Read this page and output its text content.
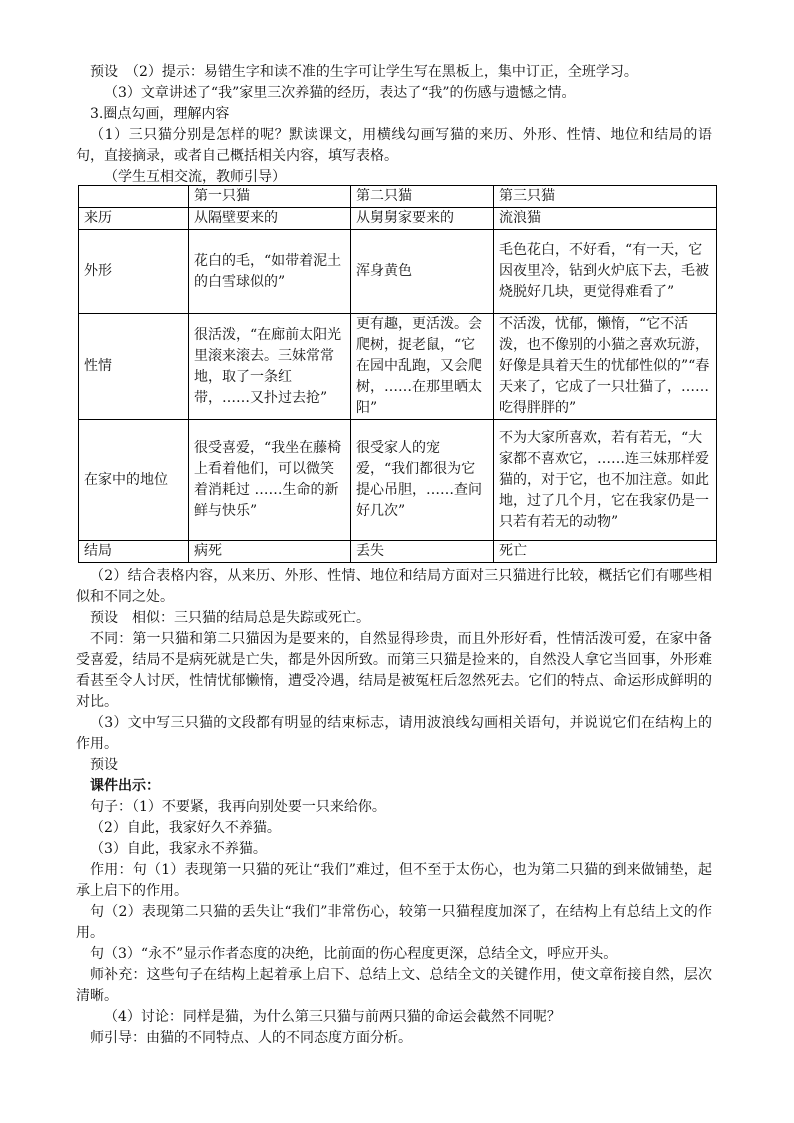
预设　（2）提示：易错生字和读不准的生字可让学生写在黑板上，集中订正，全班学习。
（3）文章讲述了“我”家里三次养猫的经历，表达了“我”的伤感与遗憾之情。
3.圈点勾画，理解内容
（1）三只猫分别是怎样的呢？默读课文，用横线勾画写猫的来历、外形、性情、地位和结局的语句，直接摘录，或者自己概括相关内容，填写表格。
（学生互相交流，教师引导）
	第一只猫	第二只猫	第三只猫
来历	从隔壁要来的	从舅舅家要来的	流浪猫
外形	花白的毛，“如带着泥土的白雪球似的”	浑身黄色	毛色花白，不好看，“有一天，它因夜里冷，钻到火炉底下去，毛被烧脱好几块，更觉得难看了”
性情	很活泼，“在廊前太阳光里滚来滚去。三妹常常地，取了一条红带，……又扑过去抢”	更有趣，更活泼。会爬树，捉老鼠，“它在园中乱跑，又会爬树，……在那里晒太阳”	不活泼，忧郁，懒惰，“它不活泼，也不像别的小猫之喜欢玩游，好像是具着天生的忧郁性似的”“春天来了，它成了一只壮猫了，……吃得胖胖的”
在家中的地位	很受喜爱，“我坐在藤椅上看着他们，可以微笑着消耗过 ……生命的新鲜与快乐”	很受家人的宠爱，“我们都很为它提心吊胆，……查问好几次”	不为大家所喜欢，若有若无，“大家都不喜欢它，……连三妹那样爱猫的，对于它，也不加注意。如此地，过了几个月，它在我家仍是一只若有若无的动物”
结局	病死	丢失	死亡
（2）结合表格内容，从来历、外形、性情、地位和结局方面对三只猫进行比较，概括它们有哪些相似和不同之处。
预设　相似：三只猫的结局总是失踪或死亡。
不同：第一只猫和第二只猫因为是要来的，自然显得珍贵，而且外形好看，性情活泼可爱，在家中备受喜爱，结局不是病死就是亡失，都是外因所致。而第三只猫是捡来的，自然没人拿它当回事，外形难看甚至令人讨厌，性情忧郁懒惰，遭受冷遇，结局是被冤枉后忽然死去。它们的特点、命运形成鲜明的对比。
（3）文中写三只猫的文段都有明显的结束标志，请用波浪线勾画相关语句，并说说它们在结构上的作用。
预设
课件出示：
句子：（1）不要紧，我再向别处要一只来给你。
（2）自此，我家好久不养猫。
（3）自此，我家永不养猫。
作用：句（1）表现第一只猫的死让“我们”难过，但不至于太伤心，也为第二只猫的到来做铺垫，起承上启下的作用。
句（2）表现第二只猫的丢失让“我们”非常伤心，较第一只猫程度加深了，在结构上有总结上文的作用。
句（3）“永不”显示作者态度的决绝，比前面的伤心程度更深，总结全文，呼应开头。
师补充：这些句子在结构上起着承上启下、总结上文、总结全文的关键作用，使文章衔接自然，层次清晰。
（4）讨论：同样是猫，为什么第三只猫与前两只猫的命运会截然不同呢？
师引导：由猫的不同特点、人的不同态度方面分析。
